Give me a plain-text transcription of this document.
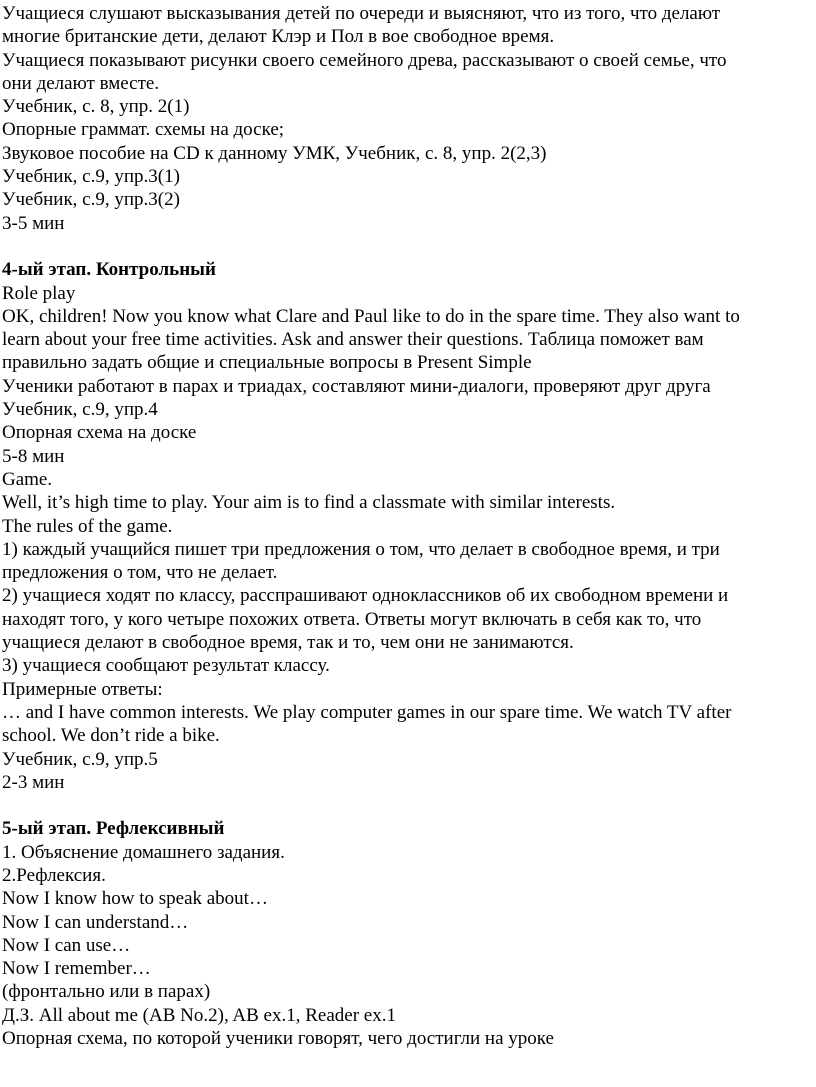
Учащиеся слушают высказывания детей по очереди и выясняют, что из того, что делают
многие британские дети, делают Клэр и Пол в вое свободное время.
Учащиеся показывают рисунки своего семейного древа, рассказывают о своей семье, что
они делают вместе.
Учебник, с. 8, упр. 2(1)
Опорные граммат. схемы на доске;
Звуковое пособие на CD к данному УМК, Учебник, с. 8, упр. 2(2,3)
Учебник, с.9, упр.3(1)
Учебник, с.9, упр.3(2)
3-5 мин
4-ый этап. Контрольный
Role play
OK, children! Now you know what Clare and Paul like to do in the spare time. They also want to
learn about your free time activities. Ask and answer their questions. Таблица поможет вам
правильно задать общие и специальные вопросы в Present Simple
Ученики работают в парах и триадах, составляют мини-диалоги, проверяют друг друга
Учебник, с.9, упр.4
Опорная схема на доске
5-8 мин
Game.
Well, it’s high time to play. Your aim is to find a classmate with similar interests.
The rules of the game.
1) каждый учащийся пишет три предложения о том, что делает в свободное время, и три
предложения о том, что не делает.
2) учащиеся ходят по классу, расспрашивают одноклассников об их свободном времени и
находят того, у кого четыре похожих ответа. Ответы могут включать в себя как то, что
учащиеся делают в свободное время, так и то, чем они не занимаются.
3) учащиеся сообщают результат классу.
Примерные ответы:
… and I have common interests. We play computer games in our spare time. We watch TV after
school. We don’t ride a bike.
Учебник, с.9, упр.5
2-3 мин
5-ый этап. Рефлексивный
1. Объяснение домашнего задания.
2.Рефлексия.
Now I know how to speak about…
Now I can understand…
Now I can use…
Now I remember…
(фронтально или в парах)
Д.З. All about me (AB No.2), AB ex.1, Reader ex.1
Опорная схема, по которой ученики говорят, чего достигли на уроке
